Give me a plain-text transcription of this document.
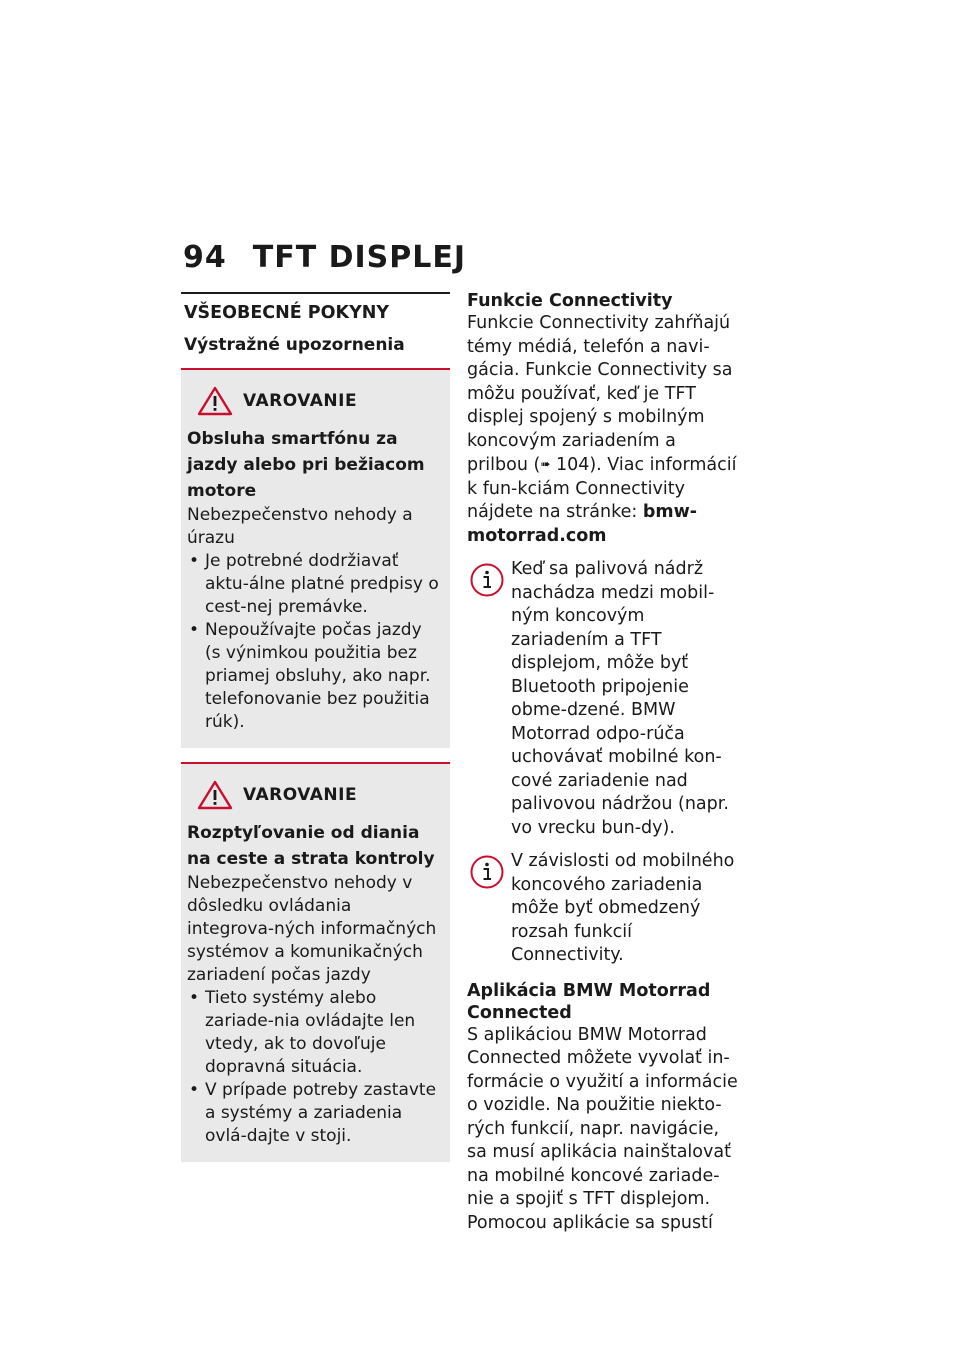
94 TFT DISPLEJ
VŠEOBECNÉ POKYNY
Výstražné upozornenia
VAROVANIE
Obsluha smartfónu za jazdy alebo pri bežiacom motore
Nebezpečenstvo nehody a úrazu
• Je potrebné dodržiavať aktu-álne platné predpisy o cest-nej premávke.
• Nepoužívajte počas jazdy (s výnimkou použitia bez priamej obsluhy, ako napr. telefonovanie bez použitia rúk).
VAROVANIE
Rozptyľovanie od diania na ceste a strata kontroly
Nebezpečenstvo nehody v dôsledku ovládania integrova-ných informačných systémov a komunikačných zariadení počas jazdy
• Tieto systémy alebo zariade-nia ovládajte len vtedy, ak to dovoľuje dopravná situácia.
• V prípade potreby zastavte a systémy a zariadenia ovlá-dajte v stoji.
Funkcie Connectivity
Funkcie Connectivity zahŕňajú témy médiá, telefón a navi-gácia. Funkcie Connectivity sa môžu používať, keď je TFT displej spojený s mobilným koncovým zariadením a prilbou (➠ 104). Viac informácií k fun-kciám Connectivity nájdete na stránke: bmw-motorrad.com
Keď sa palivová nádrž nachádza medzi mobil-ným koncovým zariadením a TFT displejom, môže byť Bluetooth pripojenie obme-dzené. BMW Motorrad odpo-rúča uchovávať mobilné kon-cové zariadenie nad palivovou nádržou (napr. vo vrecku bun-dy).
V závislosti od mobilného koncového zariadenia môže byť obmedzený rozsah funkcií Connectivity.
Aplikácia BMW Motorrad Connected
S aplikáciou BMW Motorrad Connected môžete vyvolať in-formácie o využití a informácie o vozidle. Na použitie niekto-rých funkcií, napr. navigácie, sa musí aplikácia nainštalovať na mobilné koncové zariade-nie a spojiť s TFT displejom. Pomocou aplikácie sa spustí
